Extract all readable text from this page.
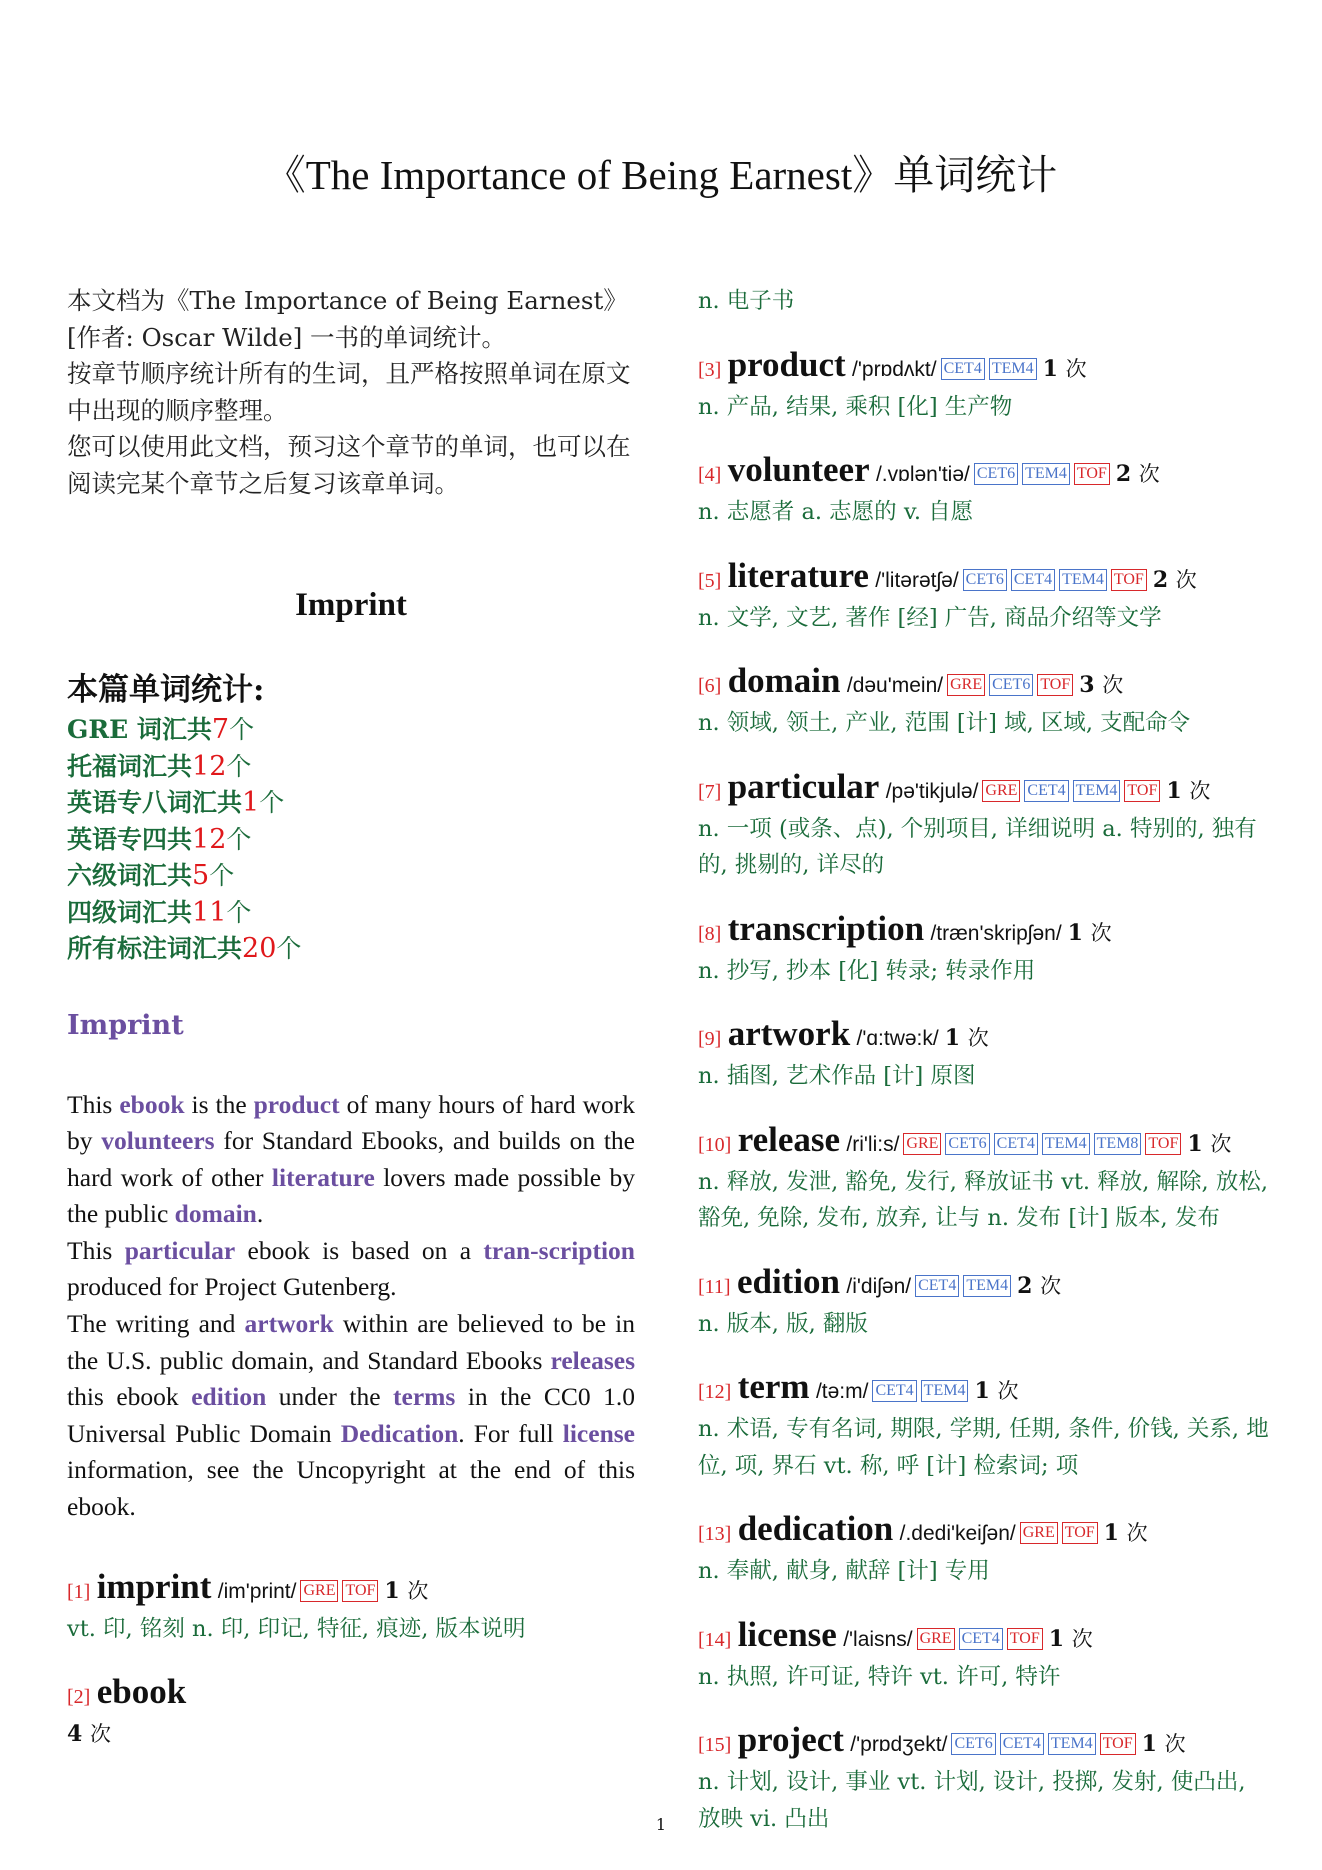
《The Importance of Being Earnest》单词统计

本文档为《The Importance of Being Earnest》[作者: Oscar Wilde] 一书的单词统计。

按章节顺序统计所有的生词，且严格按照单词在原文中出现的顺序整理。

您可以使用此文档，预习这个章节的单词，也可以在阅读完某个章节之后复习该章单词。

Imprint
本篇单词统计:
GRE 词汇共7个
托福词汇共12个
英语专八词汇共1个
英语专四共12个
六级词汇共5个
四级词汇共11个
所有标注词汇共20个
Imprint

This ebook is the product of many hours of hard work by volunteers for Standard Ebooks, and builds on the hard work of other literature lovers made possible by the public domain.

This particular ebook is based on a tran-scription produced for Project Gutenberg.

The writing and artwork within are believed to be in the U.S. public domain, and Standard Ebooks releases this ebook edition under the terms in the CC0 1.0 Universal Public Domain Dedication. For full license information, see the Uncopyright at the end of this ebook.

[1] imprint /im'print/ GRE TOF 1 次
vt. 印, 铭刻 n. 印, 印记, 特征, 痕迹, 版本说明
[2] ebook
4 次
n. 电子书
[3] product /'prɒdʌkt/ CET4 TEM4 1 次
n. 产品, 结果, 乘积 [化] 生产物
[4] volunteer /.vɒlən'tiə/ CET6 TEM4 TOF 2 次
n. 志愿者 a. 志愿的 v. 自愿
[5] literature /'litərətʃə/ CET6 CET4 TEM4 TOF 2 次
n. 文学, 文艺, 著作 [经] 广告, 商品介绍等文学
[6] domain /dəu'mein/ GRE CET6 TOF 3 次
n. 领域, 领土, 产业, 范围 [计] 域, 区域, 支配命令
[7] particular /pə'tikjulə/ GRE CET4 TEM4 TOF 1 次
n. 一项 (或条、点), 个别项目, 详细说明 a. 特别的, 独有的, 挑剔的, 详尽的
[8] transcription /træn'skripʃən/ 1 次
n. 抄写, 抄本 [化] 转录; 转录作用
[9] artwork /'ɑ:twə:k/ 1 次
n. 插图, 艺术作品 [计] 原图
[10] release /ri'li:s/ GRE CET6 CET4 TEM4 TEM8 TOF 1 次
n. 释放, 发泄, 豁免, 发行, 释放证书 vt. 释放, 解除, 放松, 豁免, 免除, 发布, 放弃, 让与 n. 发布 [计] 版本, 发布
[11] edition /i'diʃən/ CET4 TEM4 2 次
n. 版本, 版, 翻版
[12] term /tə:m/ CET4 TEM4 1 次
n. 术语, 专有名词, 期限, 学期, 任期, 条件, 价钱, 关系, 地位, 项, 界石 vt. 称, 呼 [计] 检索词; 项
[13] dedication /.dedi'keiʃən/ GRE TOF 1 次
n. 奉献, 献身, 献辞 [计] 专用
[14] license /'laisns/ GRE CET4 TOF 1 次
n. 执照, 许可证, 特许 vt. 许可, 特许
[15] project /'prɒdʒekt/ CET6 CET4 TEM4 TOF 1 次
n. 计划, 设计, 事业 vt. 计划, 设计, 投掷, 发射, 使凸出, 放映 vi. 凸出
1
